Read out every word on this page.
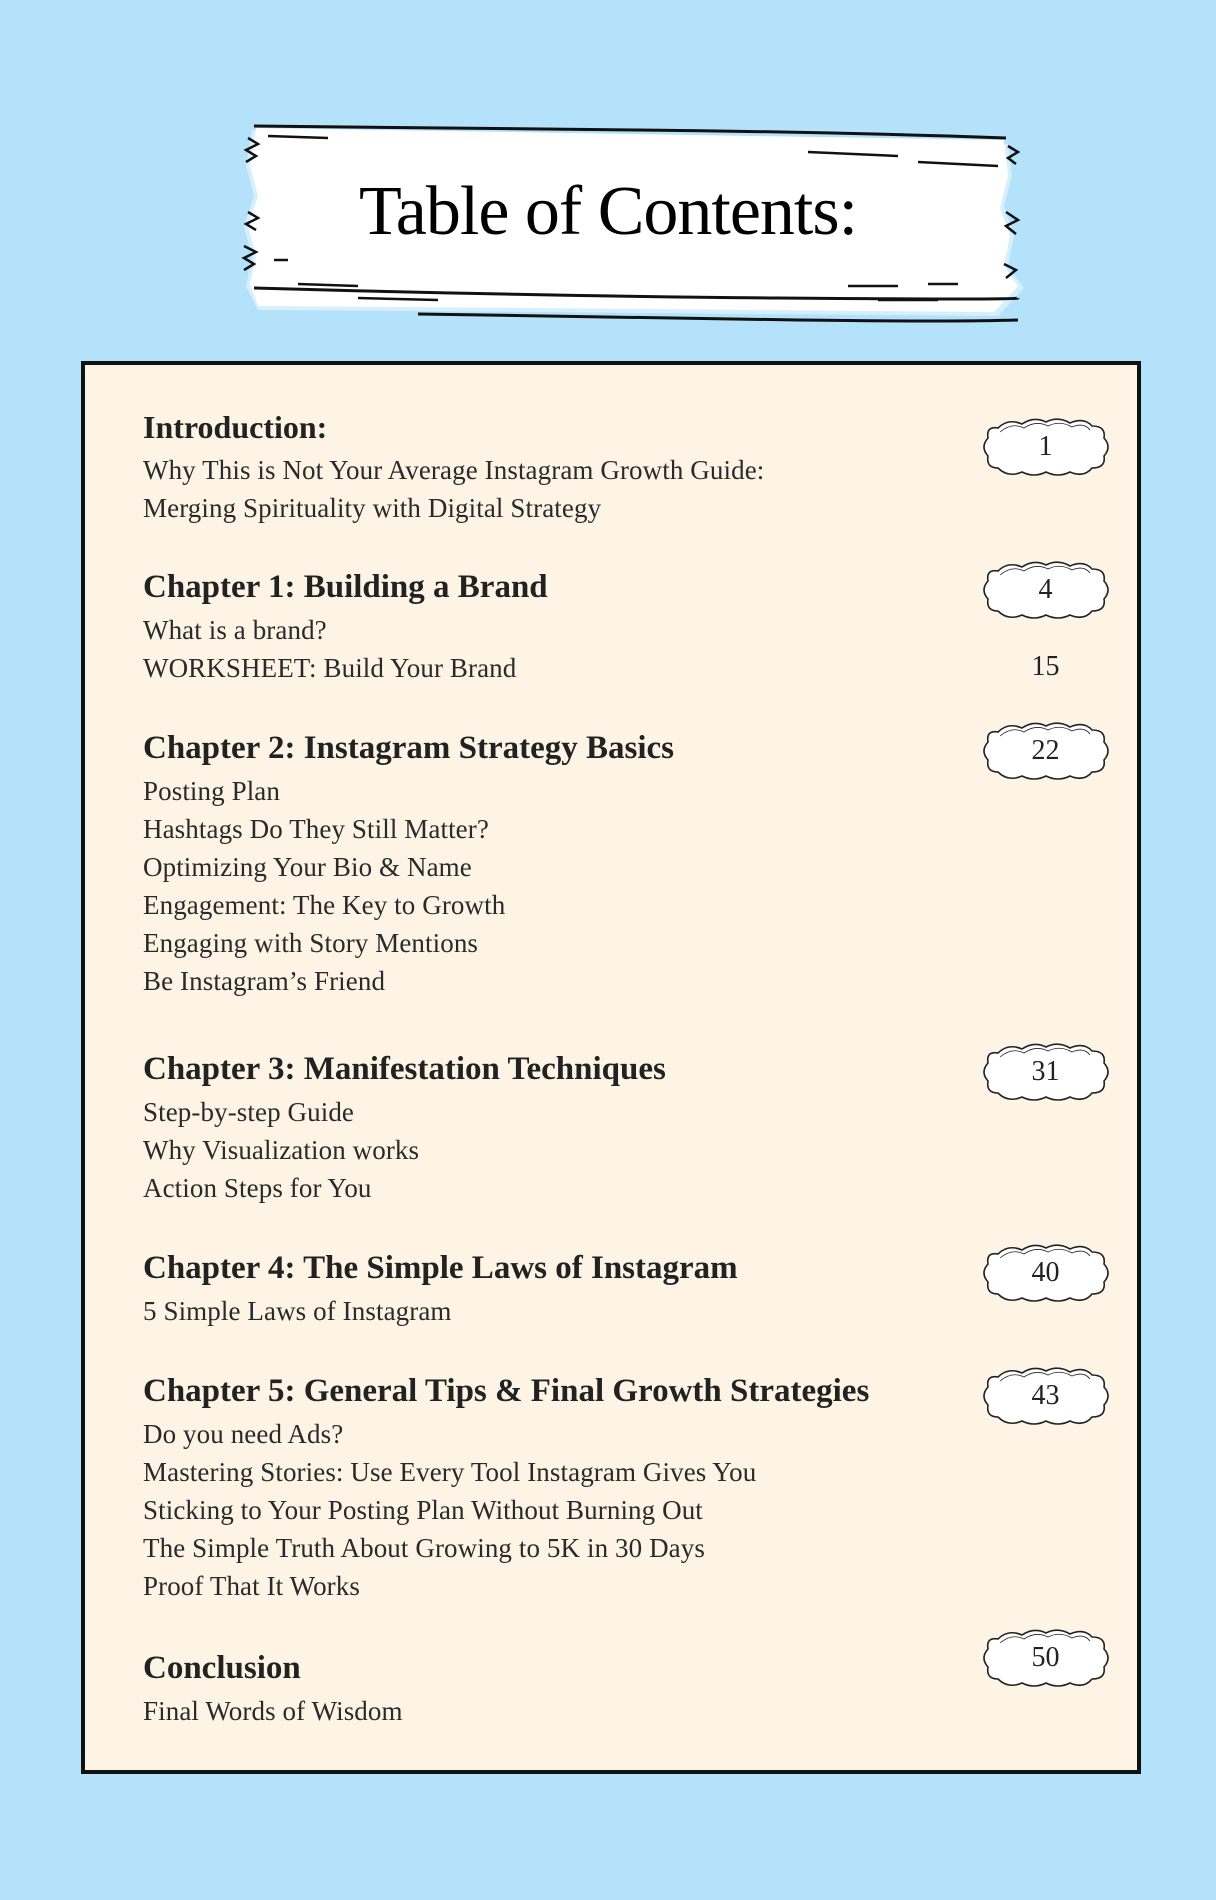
Table of Contents:
Introduction:
Why This is Not Your Average Instagram Growth Guide:
Merging Spirituality with Digital Strategy
Chapter 1: Building a Brand
What is a brand?
WORKSHEET: Build Your Brand
Chapter 2: Instagram Strategy Basics
Posting Plan
Hashtags Do They Still Matter?
Optimizing Your Bio & Name
Engagement: The Key to Growth
Engaging with Story Mentions
Be Instagram’s Friend
Chapter 3: Manifestation Techniques
Step-by-step Guide
Why Visualization works
Action Steps for You
Chapter 4: The Simple Laws of Instagram
5 Simple Laws of Instagram
Chapter 5: General Tips & Final Growth Strategies
Do you need Ads?
Mastering Stories: Use Every Tool Instagram Gives You
Sticking to Your Posting Plan Without Burning Out
The Simple Truth About Growing to 5K in 30 Days
Proof That It Works
Conclusion
Final Words of Wisdom
1
4
15
22
31
40
43
50
